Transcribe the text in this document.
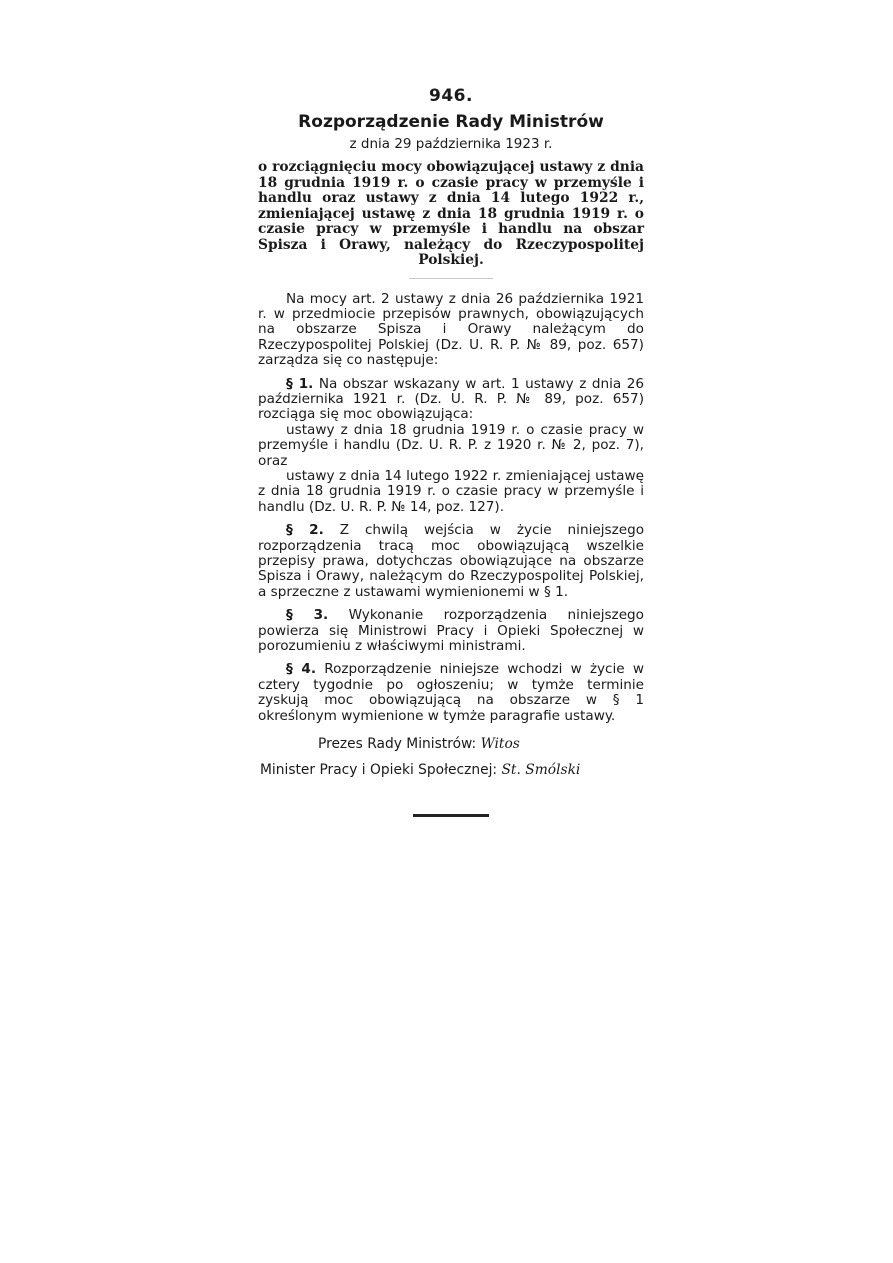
946.

Rozporządzenie Rady Ministrów

z dnia 29 października 1923 r.

o rozciągnięciu mocy obowiązującej ustawy z dnia 18 grudnia 1919 r. o czasie pracy w przemyśle i handlu oraz ustawy z dnia 14 lutego 1922 r., zmieniającej ustawę z dnia 18 grudnia 1919 r. o czasie pracy w przemyśle i handlu na obszar Spisza i Orawy, należący do Rzeczypospolitej Polskiej.

Na mocy art. 2 ustawy z dnia 26 października 1921 r. w przedmiocie przepisów prawnych, obowiązujących na obszarze Spisza i Orawy należącym do Rzeczypospolitej Polskiej (Dz. U. R. P. № 89, poz. 657) zarządza się co następuje:

§ 1. Na obszar wskazany w art. 1 ustawy z dnia 26 października 1921 r. (Dz. U. R. P. № 89, poz. 657) rozciąga się moc obowiązująca:

ustawy z dnia 18 grudnia 1919 r. o czasie pracy w przemyśle i handlu (Dz. U. R. P. z 1920 r. № 2, poz. 7), oraz

ustawy z dnia 14 lutego 1922 r. zmieniającej ustawę z dnia 18 grudnia 1919 r. o czasie pracy w przemyśle i handlu (Dz. U. R. P. № 14, poz. 127).

§ 2. Z chwilą wejścia w życie niniejszego rozporządzenia tracą moc obowiązującą wszelkie przepisy prawa, dotychczas obowiązujące na obszarze Spisza i Orawy, należącym do Rzeczypospolitej Polskiej, a sprzeczne z ustawami wymienionemi w § 1.

§ 3. Wykonanie rozporządzenia niniejszego powierza się Ministrowi Pracy i Opieki Społecznej w porozumieniu z właściwymi ministrami.

§ 4. Rozporządzenie niniejsze wchodzi w życie w cztery tygodnie po ogłoszeniu; w tymże terminie zyskują moc obowiązującą na obszarze w § 1 określonym wymienione w tymże paragrafie ustawy.

Prezes Rady Ministrów: Witos

Minister Pracy i Opieki Społecznej: St. Smólski
